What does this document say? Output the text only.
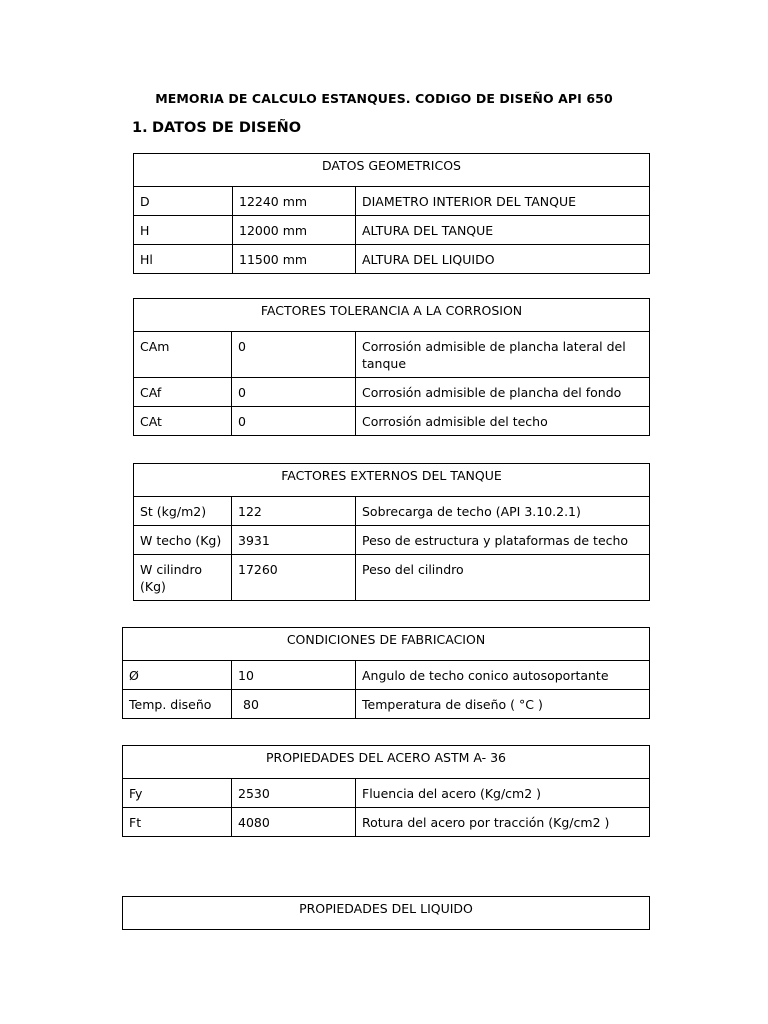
MEMORIA DE CALCULO ESTANQUES. CODIGO DE DISEÑO API 650
1. DATOS DE DISEÑO
DATOS GEOMETRICOS		
D	12240 mm	DIAMETRO INTERIOR DEL TANQUE
H	12000 mm	ALTURA DEL TANQUE
Hl	11500 mm	ALTURA DEL LIQUIDO
FACTORES TOLERANCIA A LA CORROSION		
CAm	0	Corrosión admisible de plancha lateral del tanque
CAf	0	Corrosión admisible de plancha del fondo
CAt	0	Corrosión admisible del techo
FACTORES EXTERNOS DEL TANQUE		
St (kg/m2)	122	Sobrecarga de techo (API 3.10.2.1)
W techo (Kg)	3931	Peso de estructura y plataformas de techo
W cilindro (Kg)	17260	Peso del cilindro
CONDICIONES DE FABRICACION		
Ø	10	Angulo de techo conico autosoportante
Temp. diseño	80	Temperatura de diseño ( °C )
PROPIEDADES DEL ACERO ASTM A- 36		
Fy	2530	Fluencia del acero (Kg/cm2 )
Ft	4080	Rotura del acero por tracción (Kg/cm2 )
PROPIEDADES DEL LIQUIDO
